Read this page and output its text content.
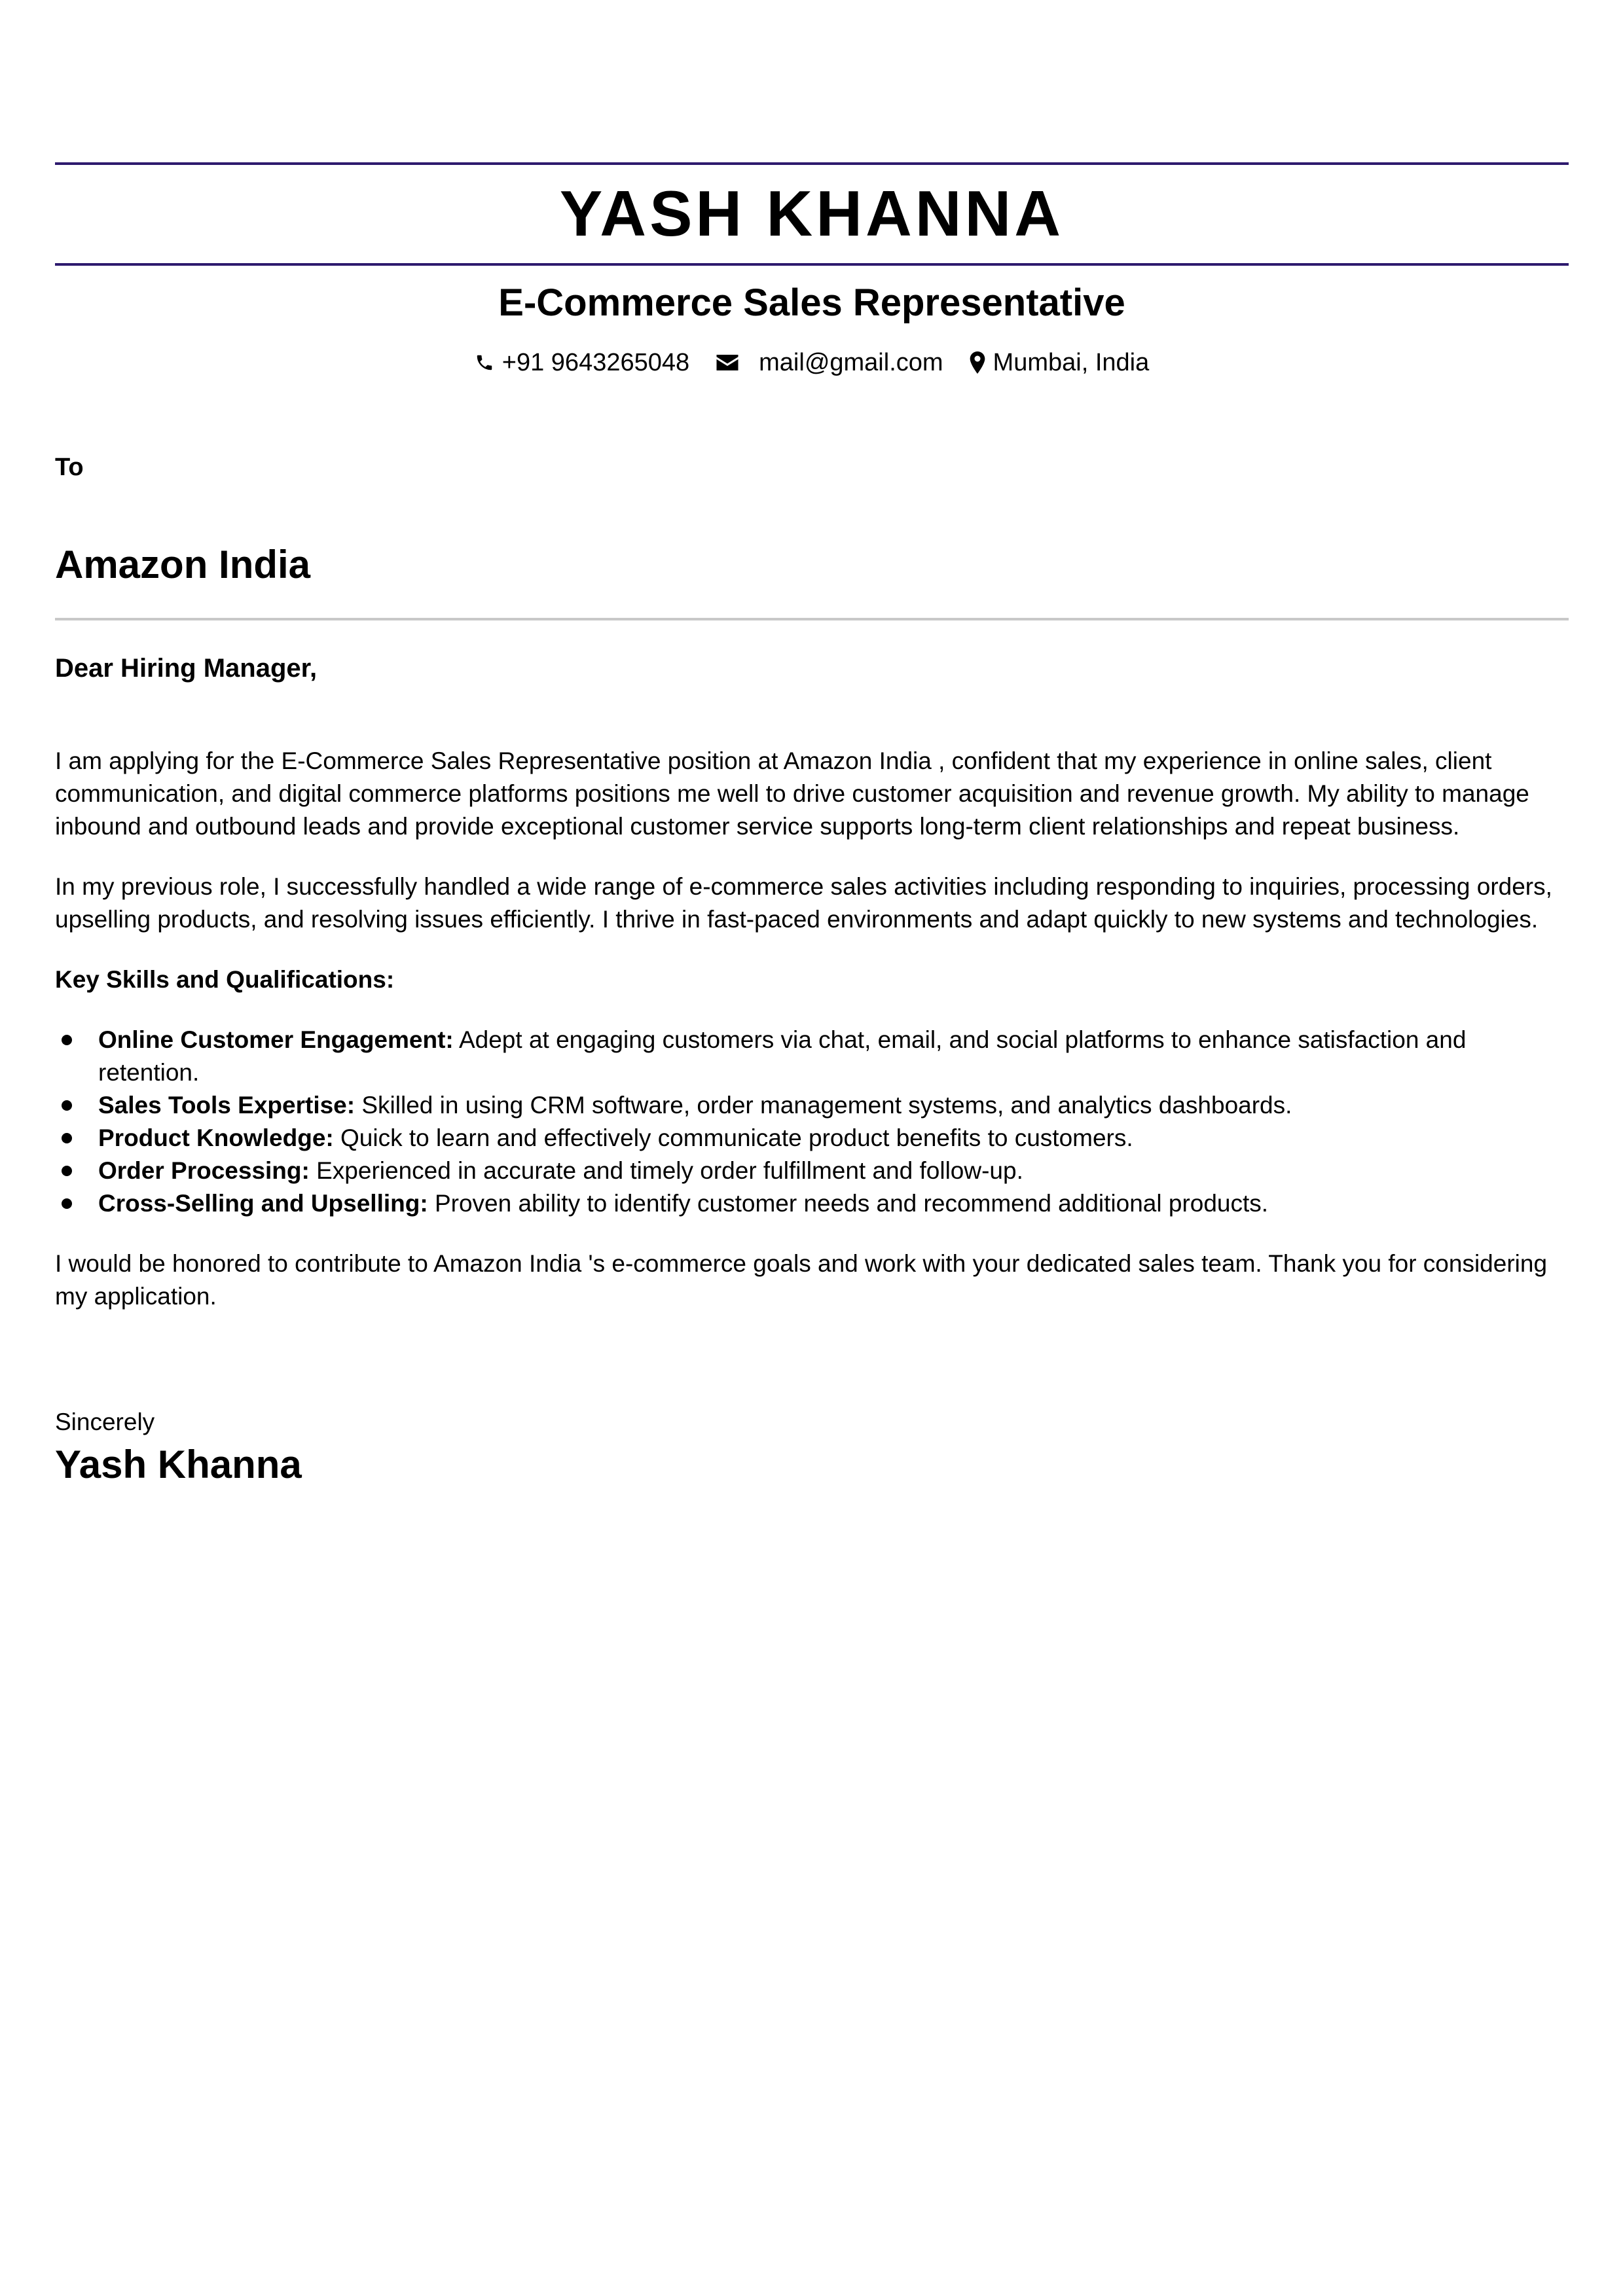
YASH KHANNA
E-Commerce Sales Representative
+91 9643265048	mail@gmail.com Mumbai, India
To
Amazon India
Dear Hiring Manager,

I am applying for the E-Commerce Sales Representative position at Amazon India , confident that my experience in online sales, client communication, and digital commerce platforms positions me well to drive customer acquisition and revenue growth. My ability to manage inbound and outbound leads and provide exceptional customer service supports long-term client relationships and repeat business.

In my previous role, I successfully handled a wide range of e-commerce sales activities including responding to inquiries, processing orders, upselling products, and resolving issues efficiently. I thrive in fast-paced environments and adapt quickly to new systems and technologies.

Key Skills and Qualifications:
Online Customer Engagement: Adept at engaging customers via chat, email, and social platforms to enhance satisfaction and retention.
Sales Tools Expertise: Skilled in using CRM software, order management systems, and analytics dashboards.
Product Knowledge: Quick to learn and effectively communicate product benefits to customers.
Order Processing: Experienced in accurate and timely order fulfillment and follow-up.
Cross-Selling and Upselling: Proven ability to identify customer needs and recommend additional products.

I would be honored to contribute to Amazon India 's e-commerce goals and work with your dedicated sales team. Thank you for considering my application.

Sincerely
Yash Khanna
